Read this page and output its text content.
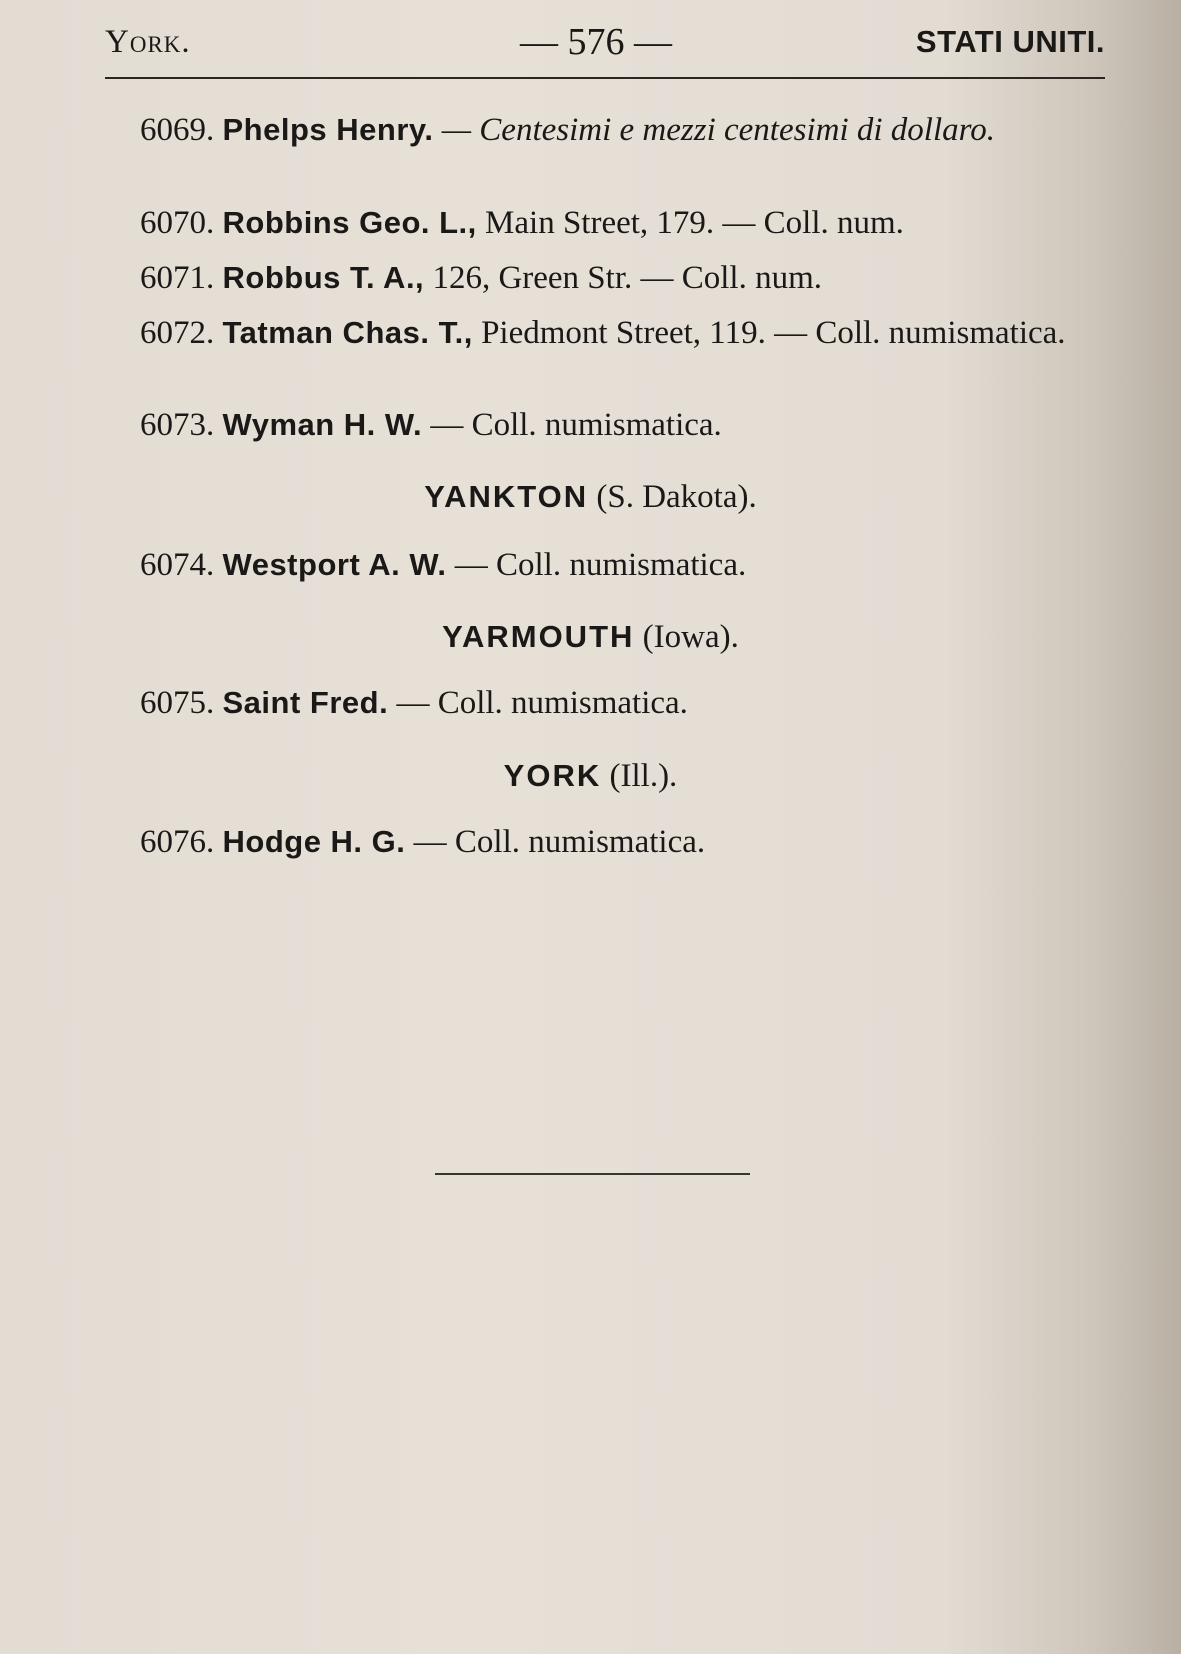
York.	— 576 —	STATI UNITI.
6069. Phelps Henry. — Centesimi e mezzi centesimi di dollaro.
6070. Robbins Geo. L., Main Street, 179. — Coll. num.
6071. Robbus T. A., 126, Green Str. — Coll. num.
6072. Tatman Chas. T., Piedmont Street, 119. — Coll. numismatica.
6073. Wyman H. W. — Coll. numismatica.
YANKTON (S. Dakota).
6074. Westport A. W. — Coll. numismatica.
YARMOUTH (Iowa).
6075. Saint Fred. — Coll. numismatica.
YORK (Ill.).
6076. Hodge H. G. — Coll. numismatica.
